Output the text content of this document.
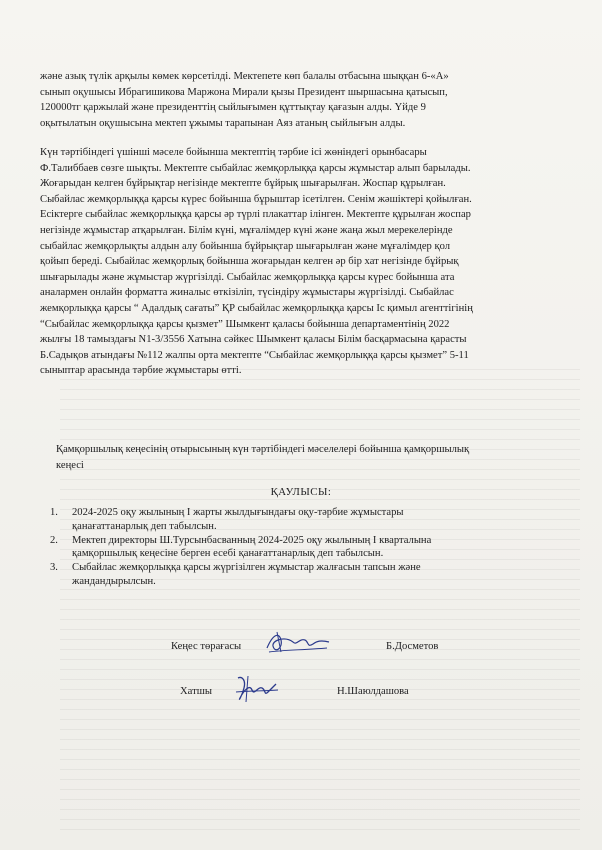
және азық түлік арқылы көмек көрсетілді. Мектепете көп балалы отбасына шыққан 6-«А»
сынып оқушысы Ибрагишикова Маржона Мирали қызы Президент шыршасына қатысып,
120000тг қаржылай және президенттің сыйлығымен құттықтау қағазын алды. Үйде 9
оқытылатын оқушысына мектеп ұжымы тарапынан Аяз атаның сыйлығын алды.

Күн тәртібіндегі үшінші мәселе бойынша мектептің тәрбие ісі жөніндегі орынбасары
Ф.Талиббаев сөзге шықты. Мектепте сыбайлас жемқорлыққа қарсы жұмыстар алып барылады.
Жоғарыдан келген бұйрықтар негізінде мектепте бұйрық шығарылған. Жоспар құрылған.
Сыбайлас жемқорлыққа қарсы күрес бойынша бұрыштар ісетілген. Сенім жәшіктері қойылған.
Есіктерге сыбайлас жемқорлыққа қарсы әр түрлі плакаттар ілінген. Мектепте құрылған жоспар
негізінде жұмыстар атқарылған. Білім күні, мұғалімдер күні және жаңа жыл мерекелерінде
сыбайлас жемқорлықты алдын алу бойынша бұйрықтар шығарылған және мұғалімдер қол
қойып береді. Сыбайлас жемқорлық бойынша жоғарыдан келген әр бір хат негізінде бұйрық
шығарылады және жұмыстар жүргізілді. Сыбайлас жемқорлыққа қарсы күрес бойынша ата
аналармен онлайн форматта жиналыс өткізіліп, түсіндіру жұмыстары жүргізілді. Сыбайлас
жемқорлыққа қарсы “ Адалдық сағаты” ҚР сыбайлас жемқорлыққа қарсы Іс қимыл агенттігінің
“Сыбайлас жемқорлыққа қарсы қызмет” Шымкент қаласы бойынша департаментінің 2022
жылғы 18 тамыздағы N1-3/3556 Хатына сәйкес Шымкент қаласы Білім басқармасына қарасты
Б.Садықов атындағы №112 жалпы орта мектепте “Сыбайлас жемқорлыққа қарсы қызмет” 5-11
сыныптар арасында тәрбие жұмыстары өтті.

Қамқоршылық кеңесінің отырысының күн тәртібіндегі мәселелері бойынша қамқоршылық
кеңесі

ҚАУЛЫСЫ:

1. 2024-2025 оқу жылының І жарты жылдығындағы оқу-тәрбие жұмыстары
қанағаттанарлық деп табылсын.
2. Мектеп директоры Ш.Турсынбасванның 2024-2025 оқу жылының І кварталына
қамқоршылық кеңесіне берген есебі қанағаттанарлық деп табылсын.
3. Сыбайлас жемқорлыққа қарсы жүргізілген жұмыстар жалғасын тапсын және
жандандырылсын.
Кеңес төрағасы	Б.Досметов
Хатшы	Н.Шаюлдашова
